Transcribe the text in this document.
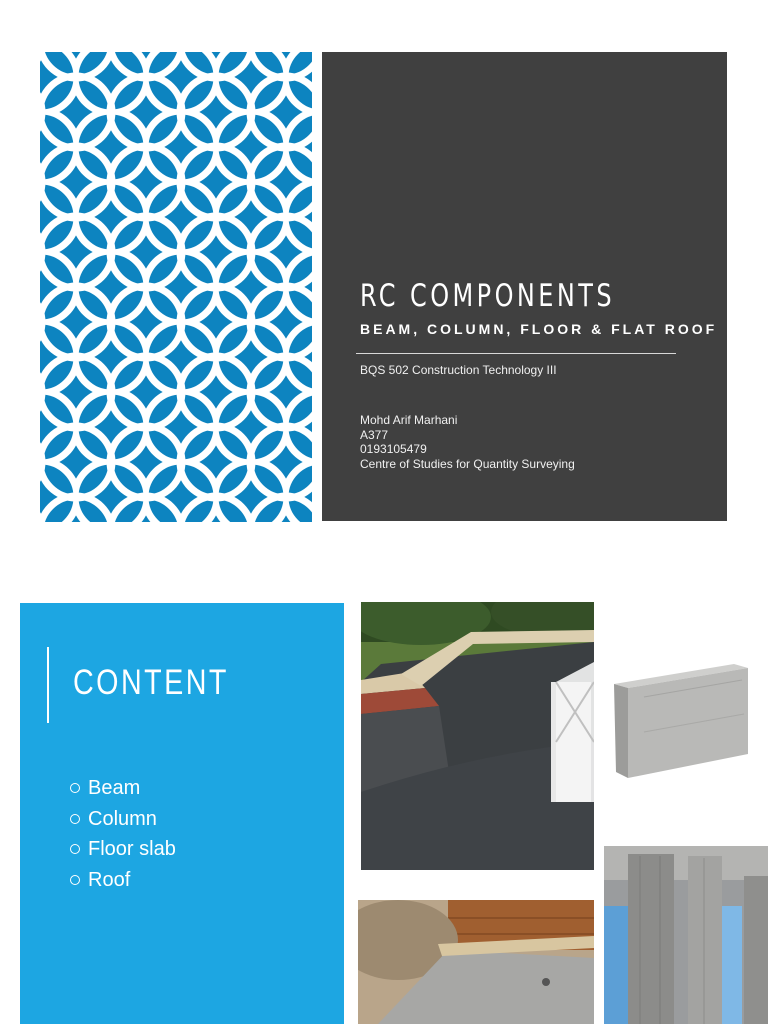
RC COMPONENTS
BEAM, COLUMN, FLOOR & FLAT ROOF
BQS 502 Construction Technology III
Mohd Arif Marhani
A377
0193105479
Centre of Studies for Quantity Surveying
CONTENT
Beam
Column
Floor slab
Roof
